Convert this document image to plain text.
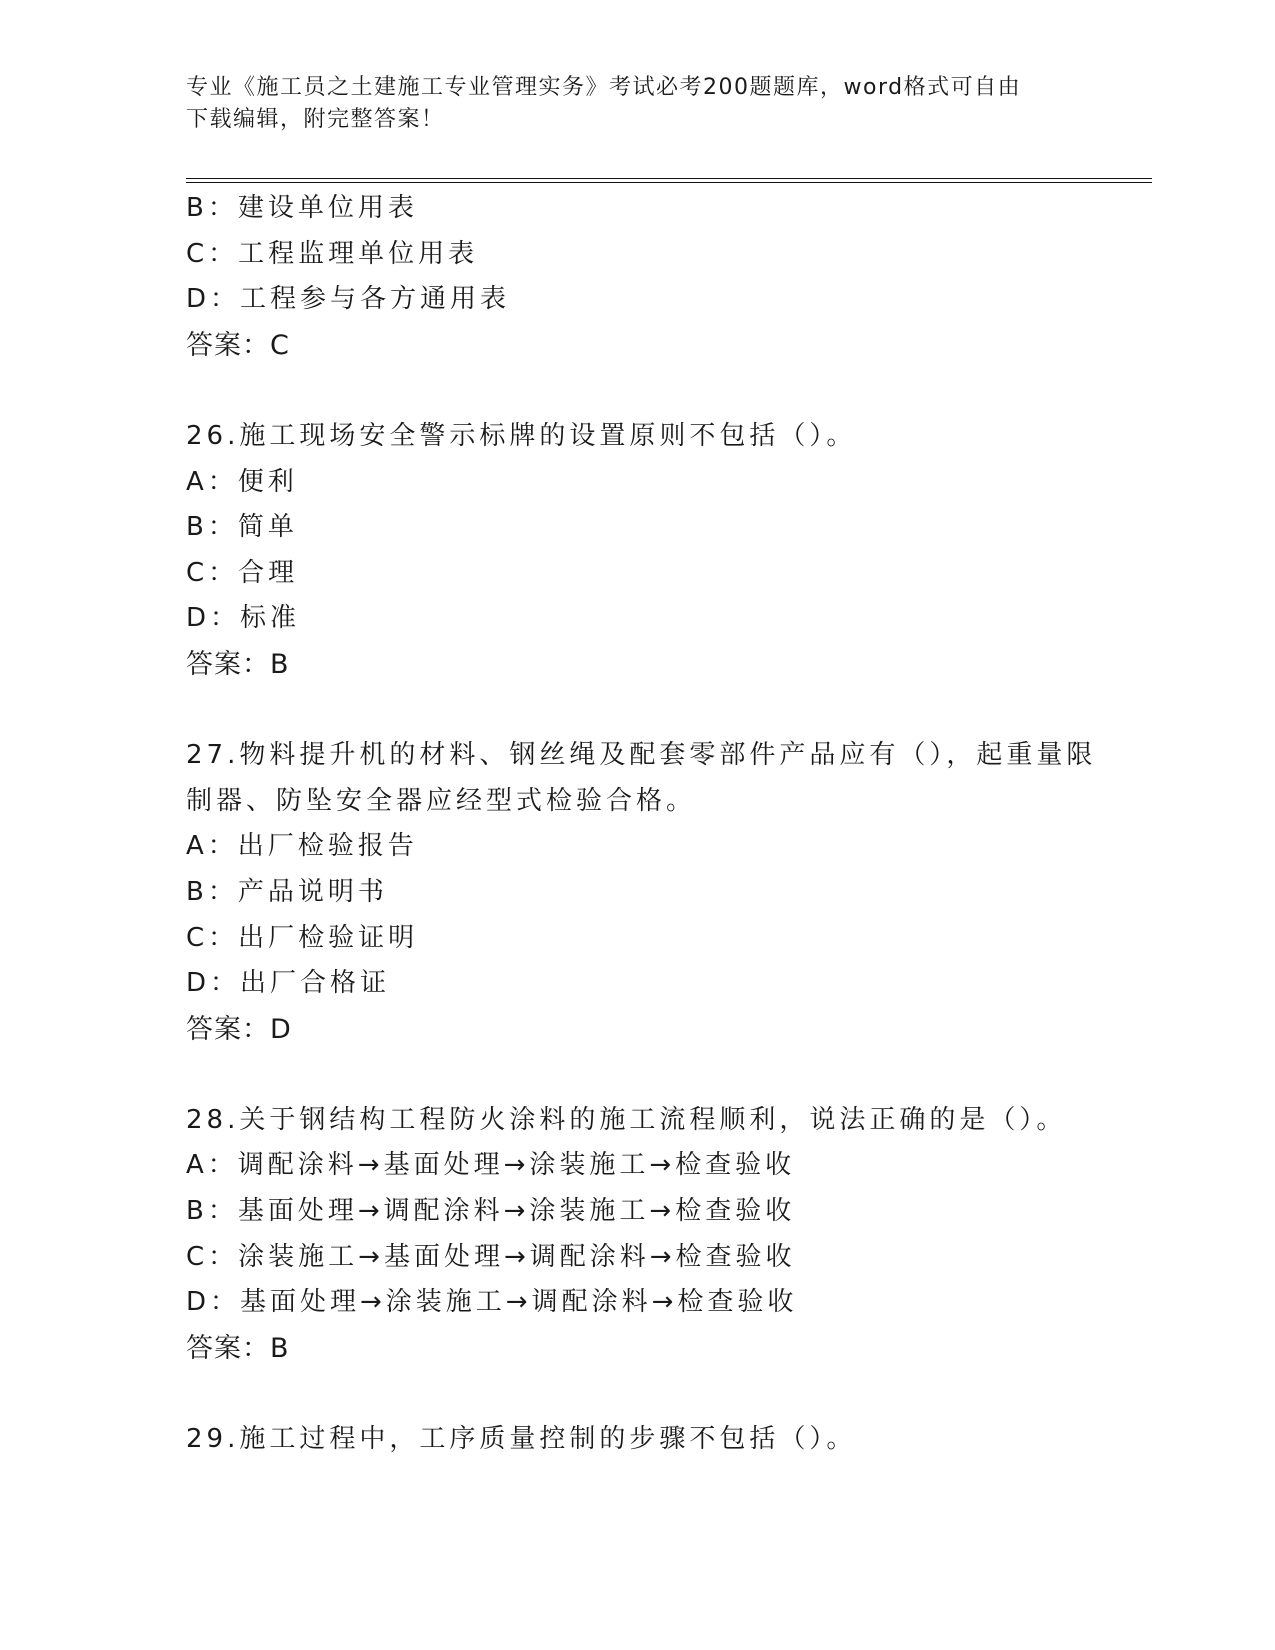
专业《施工员之土建施工专业管理实务》考试必考200题题库，word格式可自由
下载编辑，附完整答案！
B：建设单位用表
C：工程监理单位用表
D：工程参与各方通用表
答案：C
26.施工现场安全警示标牌的设置原则不包括（）。
A：便利
B：简单
C：合理
D：标准
答案：B
27.物料提升机的材料、钢丝绳及配套零部件产品应有（），起重量限
制器、防坠安全器应经型式检验合格。
A：出厂检验报告
B：产品说明书
C：出厂检验证明
D：出厂合格证
答案：D
28.关于钢结构工程防火涂料的施工流程顺利，说法正确的是（）。
A：调配涂料→基面处理→涂装施工→检查验收
B：基面处理→调配涂料→涂装施工→检查验收
C：涂装施工→基面处理→调配涂料→检查验收
D：基面处理→涂装施工→调配涂料→检查验收
答案：B
29.施工过程中，工序质量控制的步骤不包括（）。
